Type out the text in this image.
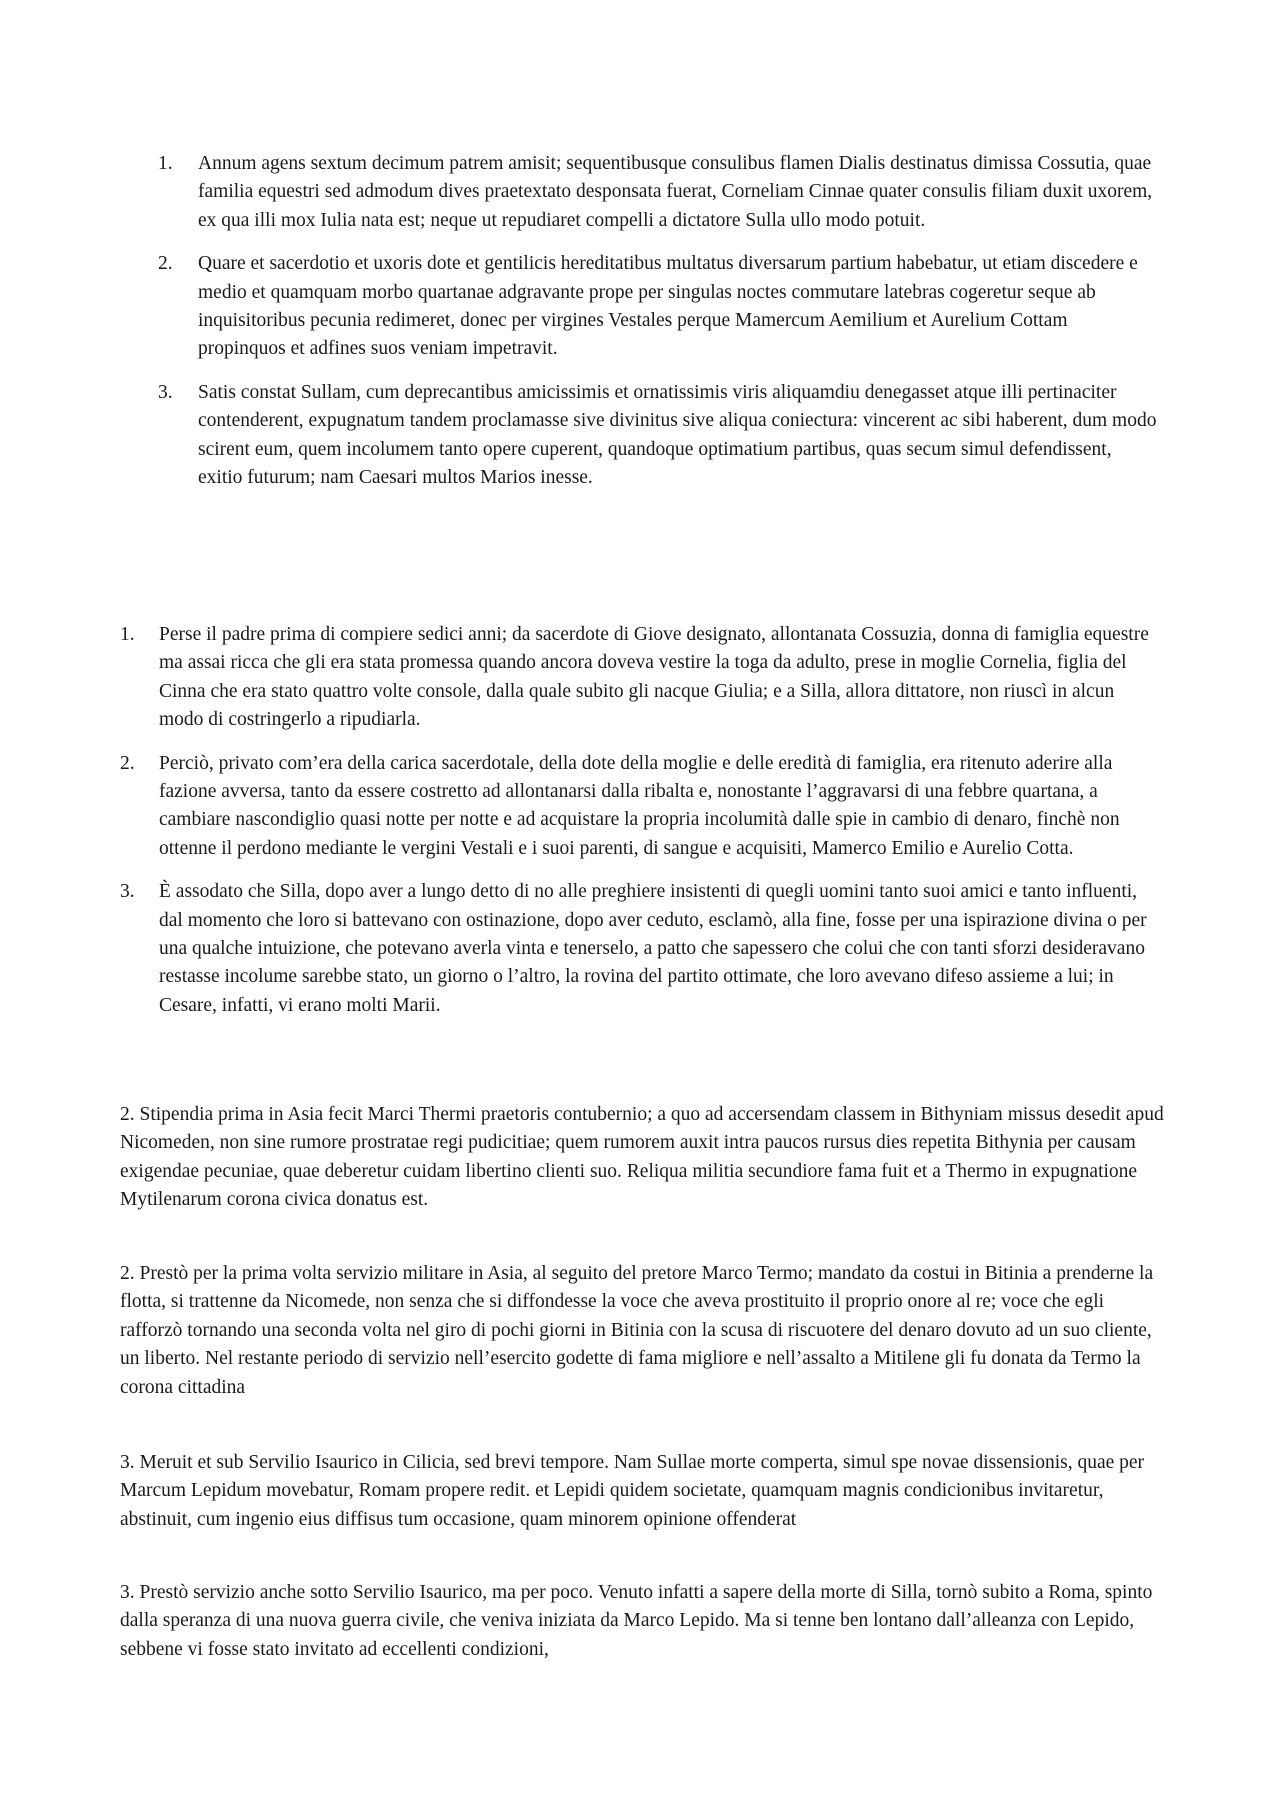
1. Annum agens sextum decimum patrem amisit; sequentibusque consulibus flamen Dialis destinatus dimissa Cossutia, quae familia equestri sed admodum dives praetextato desponsata fuerat, Corneliam Cinnae quater consulis filiam duxit uxorem, ex qua illi mox Iulia nata est; neque ut repudiaret compelli a dictatore Sulla ullo modo potuit.
2. Quare et sacerdotio et uxoris dote et gentilicis hereditatibus multatus diversarum partium habebatur, ut etiam discedere e medio et quamquam morbo quartanae adgravante prope per singulas noctes commutare latebras cogeretur seque ab inquisitoribus pecunia redimeret, donec per virgines Vestales perque Mamercum Aemilium et Aurelium Cottam propinquos et adfines suos veniam impetravit.
3. Satis constat Sullam, cum deprecantibus amicissimis et ornatissimis viris aliquamdiu denegasset atque illi pertinaciter contenderent, expugnatum tandem proclamasse sive divinitus sive aliqua coniectura: vincerent ac sibi haberent, dum modo scirent eum, quem incolumem tanto opere cuperent, quandoque optimatium partibus, quas secum simul defendissent, exitio futurum; nam Caesari multos Marios inesse.
1. Perse il padre prima di compiere sedici anni; da sacerdote di Giove designato, allontanata Cossuzia, donna di famiglia equestre ma assai ricca che gli era stata promessa quando ancora doveva vestire la toga da adulto, prese in moglie Cornelia, figlia del Cinna che era stato quattro volte console, dalla quale subito gli nacque Giulia; e a Silla, allora dittatore, non riuscì in alcun modo di costringerlo a ripudiarla.
2. Perciò, privato com’era della carica sacerdotale, della dote della moglie e delle eredità di famiglia, era ritenuto aderire alla fazione avversa, tanto da essere costretto ad allontanarsi dalla ribalta e, nonostante l’aggravarsi di una febbre quartana, a cambiare nascondiglio quasi notte per notte e ad acquistare la propria incolumità dalle spie in cambio di denaro, finchè non ottenne il perdono mediante le vergini Vestali e i suoi parenti, di sangue e acquisiti, Mamerco Emilio e Aurelio Cotta.
3. È assodato che Silla, dopo aver a lungo detto di no alle preghiere insistenti di quegli uomini tanto suoi amici e tanto influenti, dal momento che loro si battevano con ostinazione, dopo aver ceduto, esclamò, alla fine, fosse per una ispirazione divina o per una qualche intuizione, che potevano averla vinta e tenerselo, a patto che sapessero che colui che con tanti sforzi desideravano restasse incolume sarebbe stato, un giorno o l’altro, la rovina del partito ottimate, che loro avevano difeso assieme a lui; in Cesare, infatti, vi erano molti Marii.

2. Stipendia prima in Asia fecit Marci Thermi praetoris contubernio; a quo ad accersendam classem in Bithyniam missus desedit apud Nicomeden, non sine rumore prostratae regi pudicitiae; quem rumorem auxit intra paucos rursus dies repetita Bithynia per causam exigendae pecuniae, quae deberetur cuidam libertino clienti suo. Reliqua militia secundiore fama fuit et a Thermo in expugnatione Mytilenarum corona civica donatus est.

2. Prestò per la prima volta servizio militare in Asia, al seguito del pretore Marco Termo; mandato da costui in Bitinia a prenderne la flotta, si trattenne da Nicomede, non senza che si diffondesse la voce che aveva prostituito il proprio onore al re; voce che egli rafforzò tornando una seconda volta nel giro di pochi giorni in Bitinia con la scusa di riscuotere del denaro dovuto ad un suo cliente, un liberto. Nel restante periodo di servizio nell’esercito godette di fama migliore e nell’assalto a Mitilene gli fu donata da Termo la corona cittadina

3. Meruit et sub Servilio Isaurico in Cilicia, sed brevi tempore. Nam Sullae morte comperta, simul spe novae dissensionis, quae per Marcum Lepidum movebatur, Romam propere redit. et Lepidi quidem societate, quamquam magnis condicionibus invitaretur, abstinuit, cum ingenio eius diffisus tum occasione, quam minorem opinione offenderat

3. Prestò servizio anche sotto Servilio Isaurico, ma per poco. Venuto infatti a sapere della morte di Silla, tornò subito a Roma, spinto dalla speranza di una nuova guerra civile, che veniva iniziata da Marco Lepido. Ma si tenne ben lontano dall’alleanza con Lepido, sebbene vi fosse stato invitato ad eccellenti condizioni,
